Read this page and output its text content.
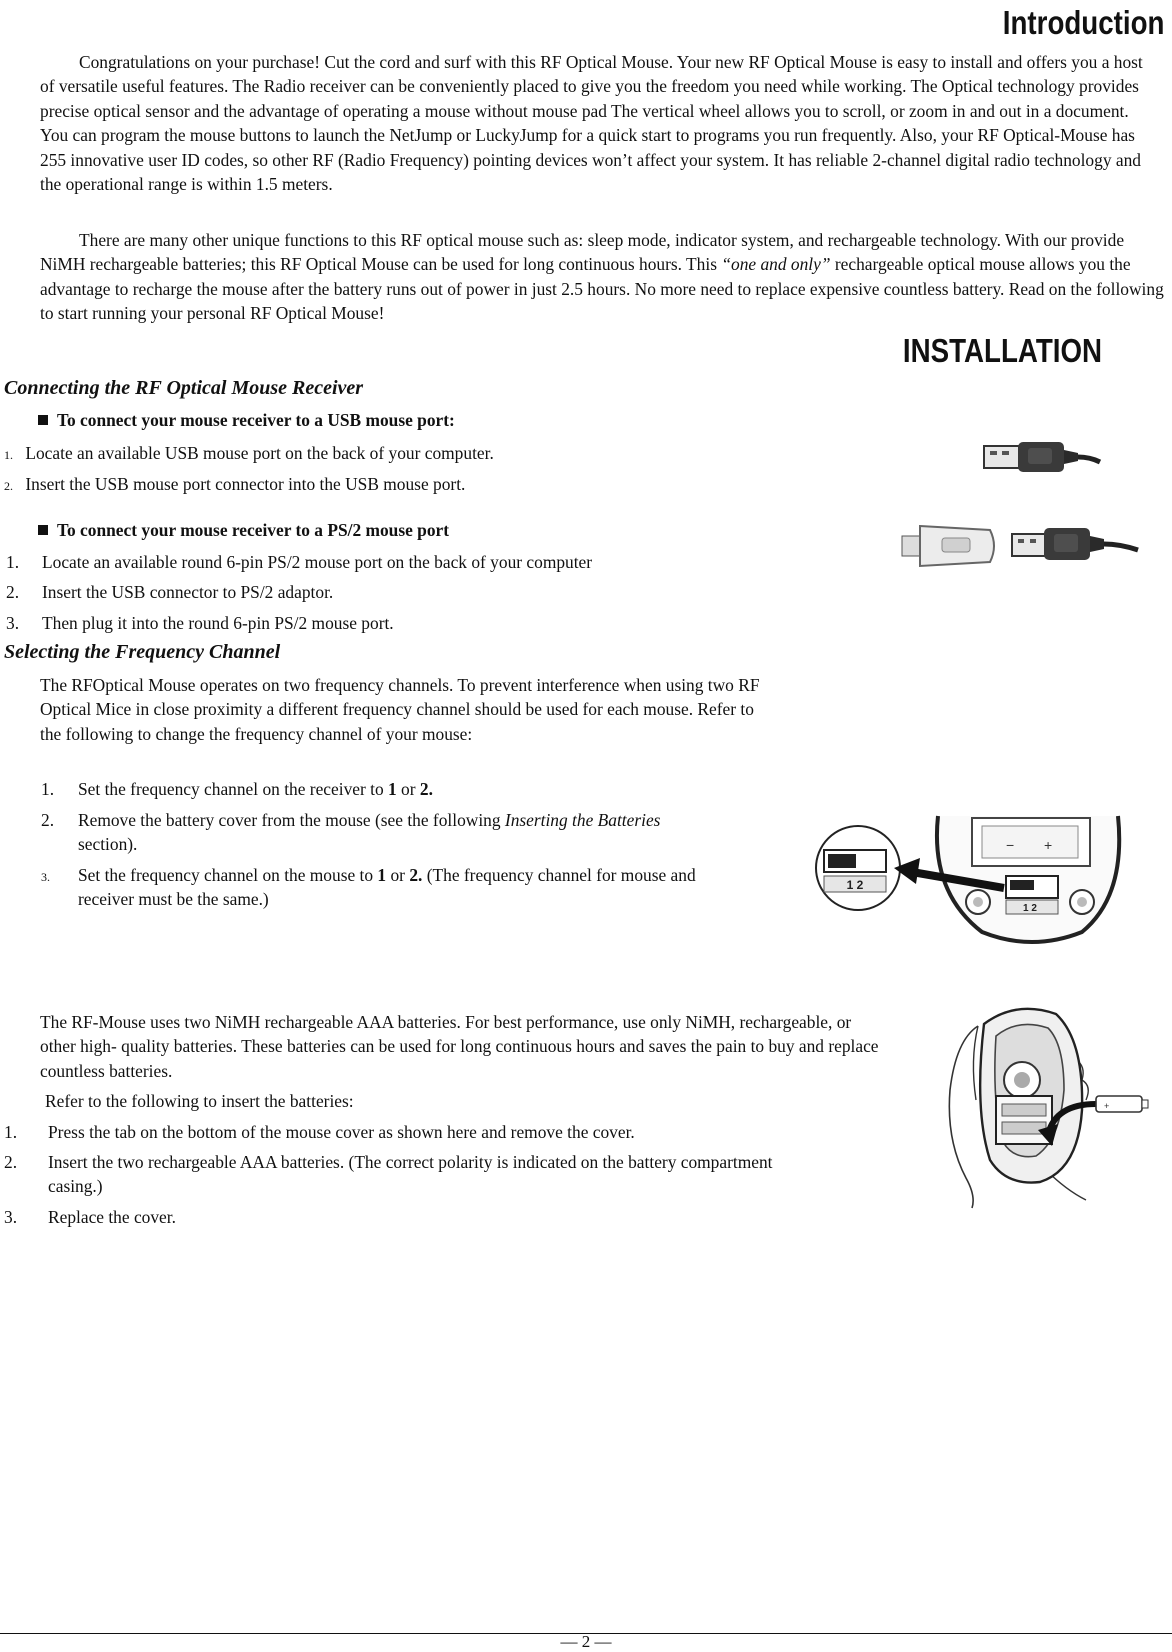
Introduction
Congratulations on your purchase! Cut the cord and surf with this RF Optical Mouse. Your new RF Optical Mouse is easy to install and offers you a host of versatile useful features. The Radio receiver can be conveniently placed to give you the freedom you need while working. The Optical technology provides precise optical sensor and the advantage of operating a mouse without mouse pad The vertical wheel allows you to scroll, or zoom in and out in a document. You can program the mouse buttons to launch the NetJump or LuckyJump for a quick start to programs you run frequently. Also, your RF Optical-Mouse has 255 innovative user ID codes, so other RF (Radio Frequency) pointing devices won’t affect your system. It has reliable 2-channel digital radio technology and the operational range is within 1.5 meters.
There are many other unique functions to this RF optical mouse such as: sleep mode, indicator system, and rechargeable technology. With our provide NiMH rechargeable batteries; this RF Optical Mouse can be used for long continuous hours. This “one and only” rechargeable optical mouse allows you the advantage to recharge the mouse after the battery runs out of power in just 2.5 hours. No more need to replace expensive countless battery. Read on the following to start running your personal RF Optical Mouse!
INSTALLATION
Connecting the RF Optical Mouse Receiver
To connect your mouse receiver to a USB mouse port:
1. Locate an available USB mouse port on the back of your computer.
2. Insert the USB mouse port connector into the USB mouse port.
To connect your mouse receiver to a PS/2 mouse port
1. Locate an available round 6-pin PS/2 mouse port on the back of your computer
2. Insert the USB connector to PS/2 adaptor.
3. Then plug it into the round 6-pin PS/2 mouse port.
Selecting the Frequency Channel
The RFOptical Mouse operates on two frequency channels. To prevent interference when using two RF Optical Mice in close proximity a different frequency channel should be used for each mouse. Refer to the following to change the frequency channel of your mouse:
1. Set the frequency channel on the receiver to 1 or 2.
2. Remove the battery cover from the mouse (see the following Inserting the Batteries section).
3. Set the frequency channel on the mouse to 1 or 2. (The frequency channel for mouse and receiver must be the same.)
1 2
− +
1 2
The RF-Mouse uses two NiMH rechargeable AAA batteries. For best performance, use only NiMH, rechargeable, or other high- quality batteries. These batteries can be used for long continuous hours and saves the pain to buy and replace countless batteries.
Refer to the following to insert the batteries:
1. Press the tab on the bottom of the mouse cover as shown here and remove the cover.
2. Insert the two rechargeable AAA batteries. (The correct polarity is indicated on the battery compartment casing.)
3. Replace the cover.
+
— 2 —
